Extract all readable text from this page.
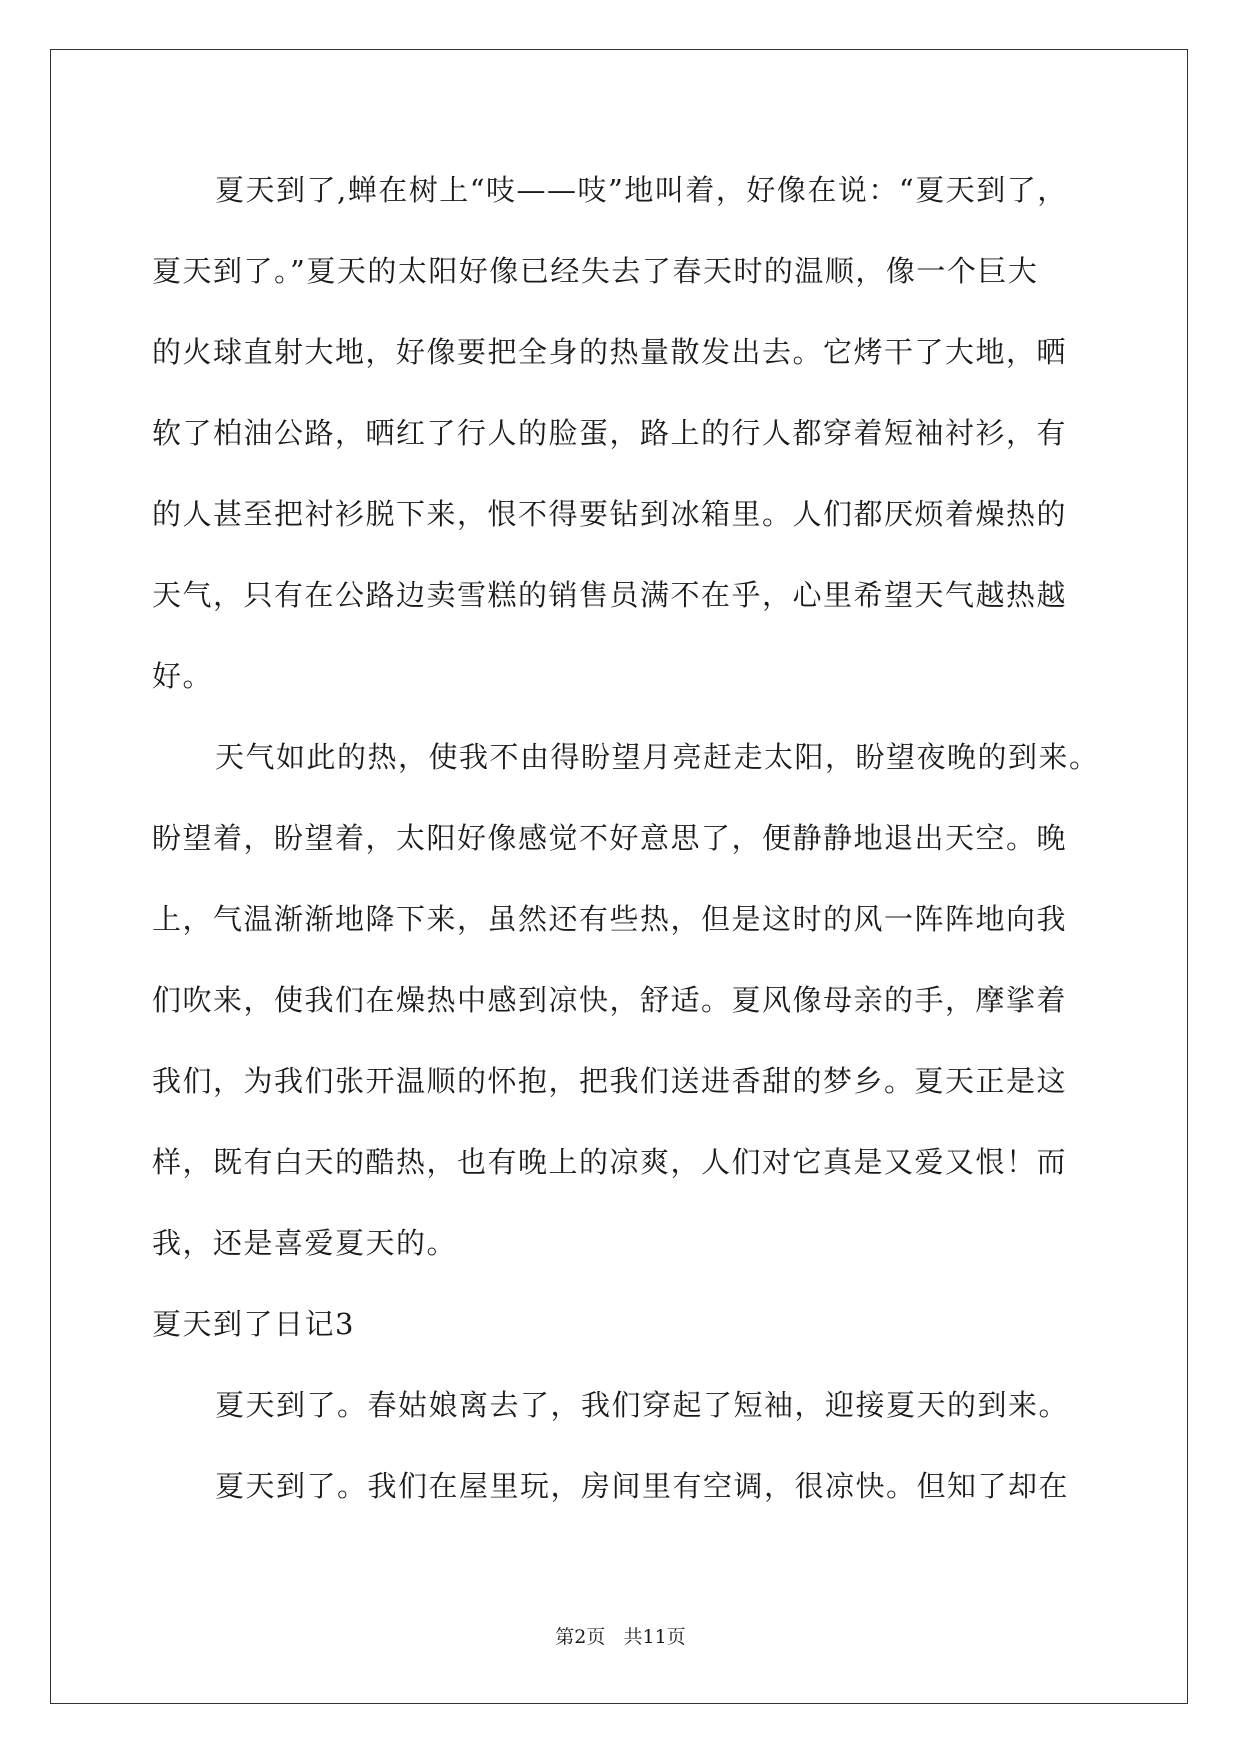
夏天到了,蝉在树上“吱——吱”地叫着，好像在说：“夏天到了，
夏天到了。”夏天的太阳好像已经失去了春天时的温顺，像一个巨大
的火球直射大地，好像要把全身的热量散发出去。它烤干了大地，晒
软了柏油公路，晒红了行人的脸蛋，路上的行人都穿着短袖衬衫，有
的人甚至把衬衫脱下来，恨不得要钻到冰箱里。人们都厌烦着燥热的
天气，只有在公路边卖雪糕的销售员满不在乎，心里希望天气越热越
好。
天气如此的热，使我不由得盼望月亮赶走太阳，盼望夜晚的到来。
盼望着，盼望着，太阳好像感觉不好意思了，便静静地退出天空。晚
上，气温渐渐地降下来，虽然还有些热，但是这时的风一阵阵地向我
们吹来，使我们在燥热中感到凉快，舒适。夏风像母亲的手，摩挲着
我们，为我们张开温顺的怀抱，把我们送进香甜的梦乡。夏天正是这
样，既有白天的酷热，也有晚上的凉爽，人们对它真是又爱又恨！而
我，还是喜爱夏天的。
夏天到了日记3
夏天到了。春姑娘离去了，我们穿起了短袖，迎接夏天的到来。
夏天到了。我们在屋里玩，房间里有空调，很凉快。但知了却在
第2页   共11页
